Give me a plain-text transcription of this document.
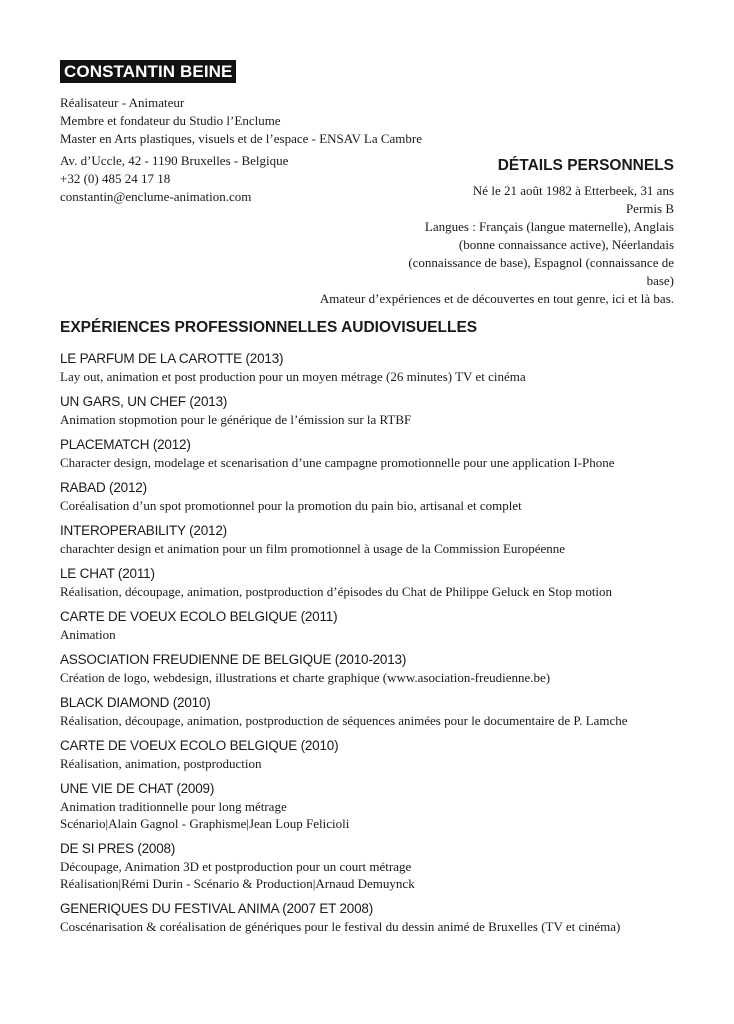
CONSTANTIN BEINE
Réalisateur - Animateur
Membre et fondateur du Studio l’Enclume
Master en Arts plastiques, visuels et de l’espace - ENSAV La Cambre
Av. d’Uccle, 42 - 1190 Bruxelles - Belgique
+32 (0) 485 24 17 18
constantin@enclume-animation.com
DÉTAILS PERSONNELS
Né le 21 août 1982 à Etterbeek, 31 ans
Permis B
Langues : Français (langue maternelle), Anglais (bonne connaissance active), Néerlandais (connaissance de base), Espagnol (connaissance de base)
Amateur d’expériences et de découvertes en tout genre, ici et là bas.
EXPÉRIENCES PROFESSIONNELLES AUDIOVISUELLES
LE PARFUM DE LA CAROTTE (2013)
Lay out, animation et post production pour un moyen métrage (26 minutes) TV et cinéma
UN GARS, UN CHEF (2013)
Animation stopmotion pour le générique de l’émission sur la RTBF
PLACEMATCH (2012)
Character design, modelage et scenarisation d’une campagne promotionnelle pour une application I-Phone
RABAD (2012)
Coréalisation d’un spot promotionnel pour la promotion du pain bio, artisanal et complet
INTEROPERABILITY (2012)
charachter design et animation pour un film promotionnel à usage de la Commission Européenne
LE CHAT (2011)
Réalisation, découpage, animation, postproduction d’épisodes du Chat de Philippe Geluck en Stop motion
CARTE DE VOEUX ECOLO BELGIQUE (2011)
Animation
ASSOCIATION FREUDIENNE DE BELGIQUE (2010-2013)
Création de logo, webdesign, illustrations et charte graphique (www.asociation-freudienne.be)
BLACK DIAMOND (2010)
Réalisation, découpage, animation, postproduction de séquences animées pour le documentaire de P. Lamche
CARTE DE VOEUX ECOLO BELGIQUE (2010)
Réalisation, animation, postproduction
UNE VIE DE CHAT (2009)
Animation traditionnelle pour long métrage
Scénario|Alain Gagnol - Graphisme|Jean Loup Felicioli
DE SI PRES (2008)
Découpage, Animation 3D et postproduction pour un court métrage
Réalisation|Rémi Durin - Scénario & Production|Arnaud Demuynck
GENERIQUES DU FESTIVAL ANIMA (2007 ET 2008)
Coscénarisation & coréalisation de génériques pour le festival du dessin animé de Bruxelles (TV et cinéma)
